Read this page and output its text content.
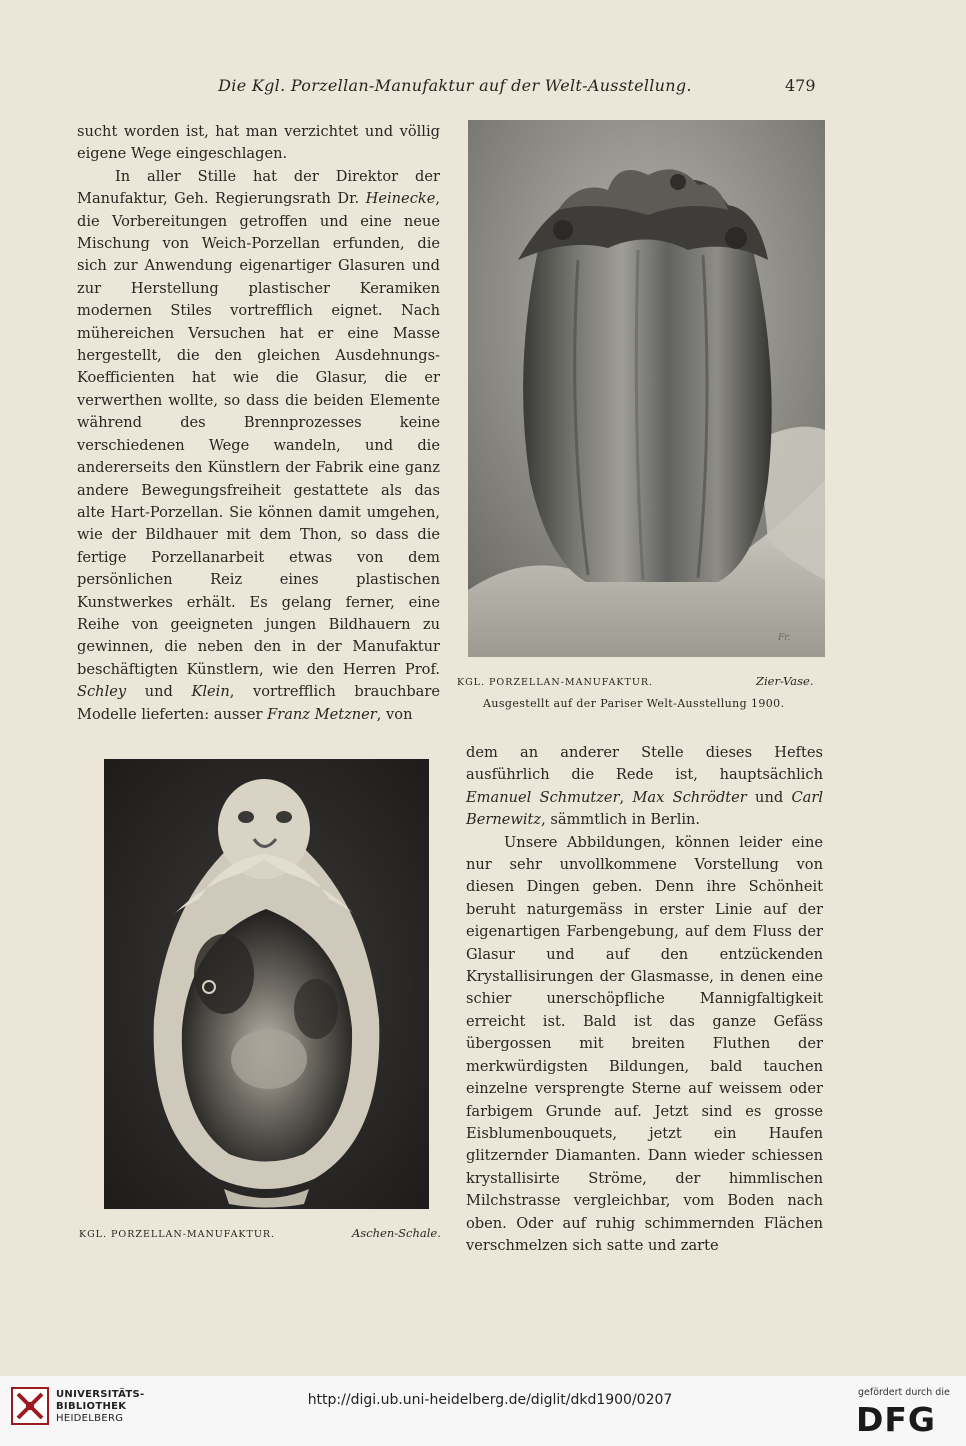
Die Kgl. Porzellan-Manufaktur auf der Welt-Ausstellung.	479

sucht worden ist, hat man verzichtet und völlig eigene Wege eingeschlagen.

In aller Stille hat der Direktor der Manufaktur, Geh. Regierungsrath Dr. Heinecke, die Vorbereitungen getroffen und eine neue Mischung von Weich-Porzellan erfunden, die sich zur Anwendung eigenartiger Glasuren und zur Herstellung plastischer Keramiken modernen Stiles vortrefflich eignet. Nach mühereichen Versuchen hat er eine Masse hergestellt, die den gleichen Ausdehnungs-Koefficienten hat wie die Glasur, die er verwerthen wollte, so dass die beiden Elemente während des Brennprozesses keine verschiedenen Wege wandeln, und die andererseits den Künstlern der Fabrik eine ganz andere Bewegungsfreiheit gestattete als das alte Hart-Porzellan. Sie können damit umgehen, wie der Bildhauer mit dem Thon, so dass die fertige Porzellanarbeit etwas von dem persönlichen Reiz eines plastischen Kunstwerkes erhält. Es gelang ferner, eine Reihe von geeigneten jungen Bildhauern zu gewinnen, die neben den in der Manufaktur beschäftigten Künstlern, wie den Herren Prof. Schley und Klein, vortrefflich brauchbare Modelle lieferten: ausser Franz Metzner, von

Fr.
KGL. PORZELLAN-MANUFAKTUR.	Zier-Vase.
Ausgestellt auf der Pariser Welt-Ausstellung 1900.
KGL. PORZELLAN-MANUFAKTUR.	Aschen-Schale.

dem an anderer Stelle dieses Heftes ausführlich die Rede ist, hauptsächlich Emanuel Schmutzer, Max Schrödter und Carl Bernewitz, sämmtlich in Berlin.

Unsere Abbildungen, können leider eine nur sehr unvollkommene Vorstellung von diesen Dingen geben. Denn ihre Schönheit beruht naturgemäss in erster Linie auf der eigenartigen Farbengebung, auf dem Fluss der Glasur und auf den entzückenden Krystallisirungen der Glasmasse, in denen eine schier unerschöpfliche Mannigfaltigkeit erreicht ist. Bald ist das ganze Gefäss übergossen mit breiten Fluthen der merkwürdigsten Bildungen, bald tauchen einzelne versprengte Sterne auf weissem oder farbigem Grunde auf. Jetzt sind es grosse Eisblumenbouquets, jetzt ein Haufen glitzernder Diamanten. Dann wieder schiessen krystallisirte Ströme, der himmlischen Milchstrasse vergleichbar, vom Boden nach oben. Oder auf ruhig schimmernden Flächen verschmelzen sich satte und zarte

UNIVERSITÄTS-
BIBLIOTHEK
HEIDELBERG
http://digi.ub.uni-heidelberg.de/diglit/dkd1900/0207	gefördert durch die
DFG
